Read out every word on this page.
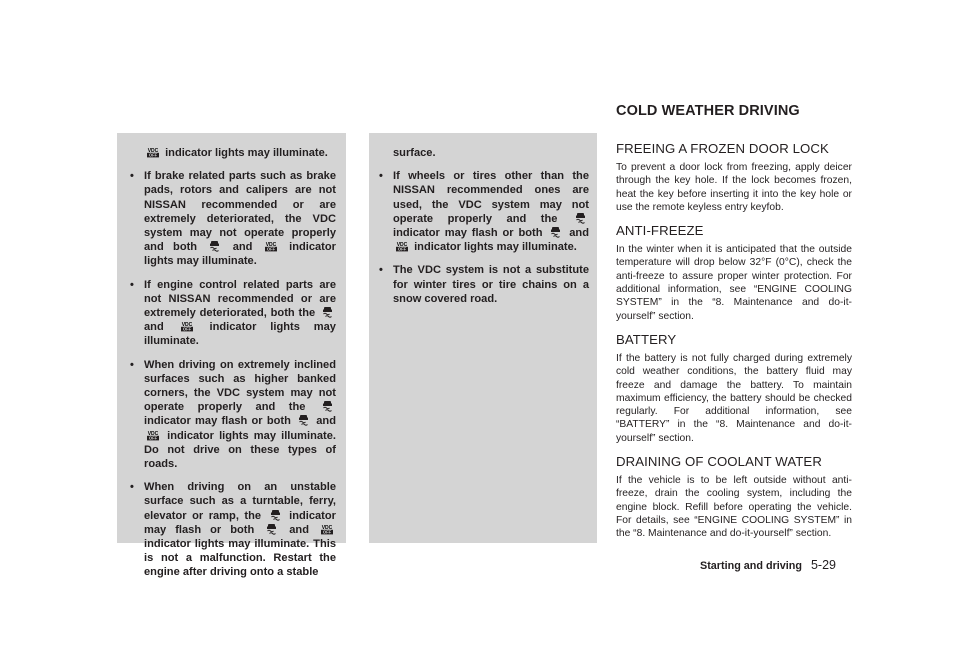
indicator lights may illuminate.

• If brake related parts such as brake pads, rotors and calipers are not NISSAN recommended or are extremely deteriorated, the VDC system may not operate properly and both	and	indicator lights may illuminate.

• If engine control related parts are not NISSAN recommended or are extremely deteriorated, both the  and	indicator lights may illuminate.

• When driving on extremely inclined surfaces such as higher banked corners, the VDC system may not operate properly and the  indicator may flash or both and  indicator lights may illuminate. Do not drive on these types of roads.

• When driving on an unstable surface such as a turntable, ferry, elevator or ramp, the	indicator may flash or both	and  indicator lights may illuminate. This is not a malfunction. Restart the engine after driving onto a stable

surface.

• If wheels or tires other than the NISSAN recommended ones are used, the VDC system may not operate properly and the  indicator may flash or both and  indicator lights may illuminate.

• The VDC system is not a substitute for winter tires or tire chains on a snow covered road.

COLD WEATHER DRIVING
FREEING A FROZEN DOOR LOCK

To prevent a door lock from freezing, apply deicer through the key hole. If the lock becomes frozen, heat the key before inserting it into the key hole or use the remote keyless entry keyfob.

ANTI-FREEZE

In the winter when it is anticipated that the outside temperature will drop below 32°F (0°C), check the anti-freeze to assure proper winter protection. For additional information, see “ENGINE COOLING SYSTEM” in the “8. Maintenance and do-it-yourself” section.

BATTERY

If the battery is not fully charged during extremely cold weather conditions, the battery fluid may freeze and damage the battery. To maintain maximum efficiency, the battery should be checked regularly. For additional information, see “BATTERY” in the “8. Maintenance and do-it-yourself” section.

DRAINING OF COOLANT WATER

If the vehicle is to be left outside without anti-freeze, drain the cooling system, including the engine block. Refill before operating the vehicle. For details, see “ENGINE COOLING SYSTEM” in the “8. Maintenance and do-it-yourself” section.

Starting and driving 5-29
